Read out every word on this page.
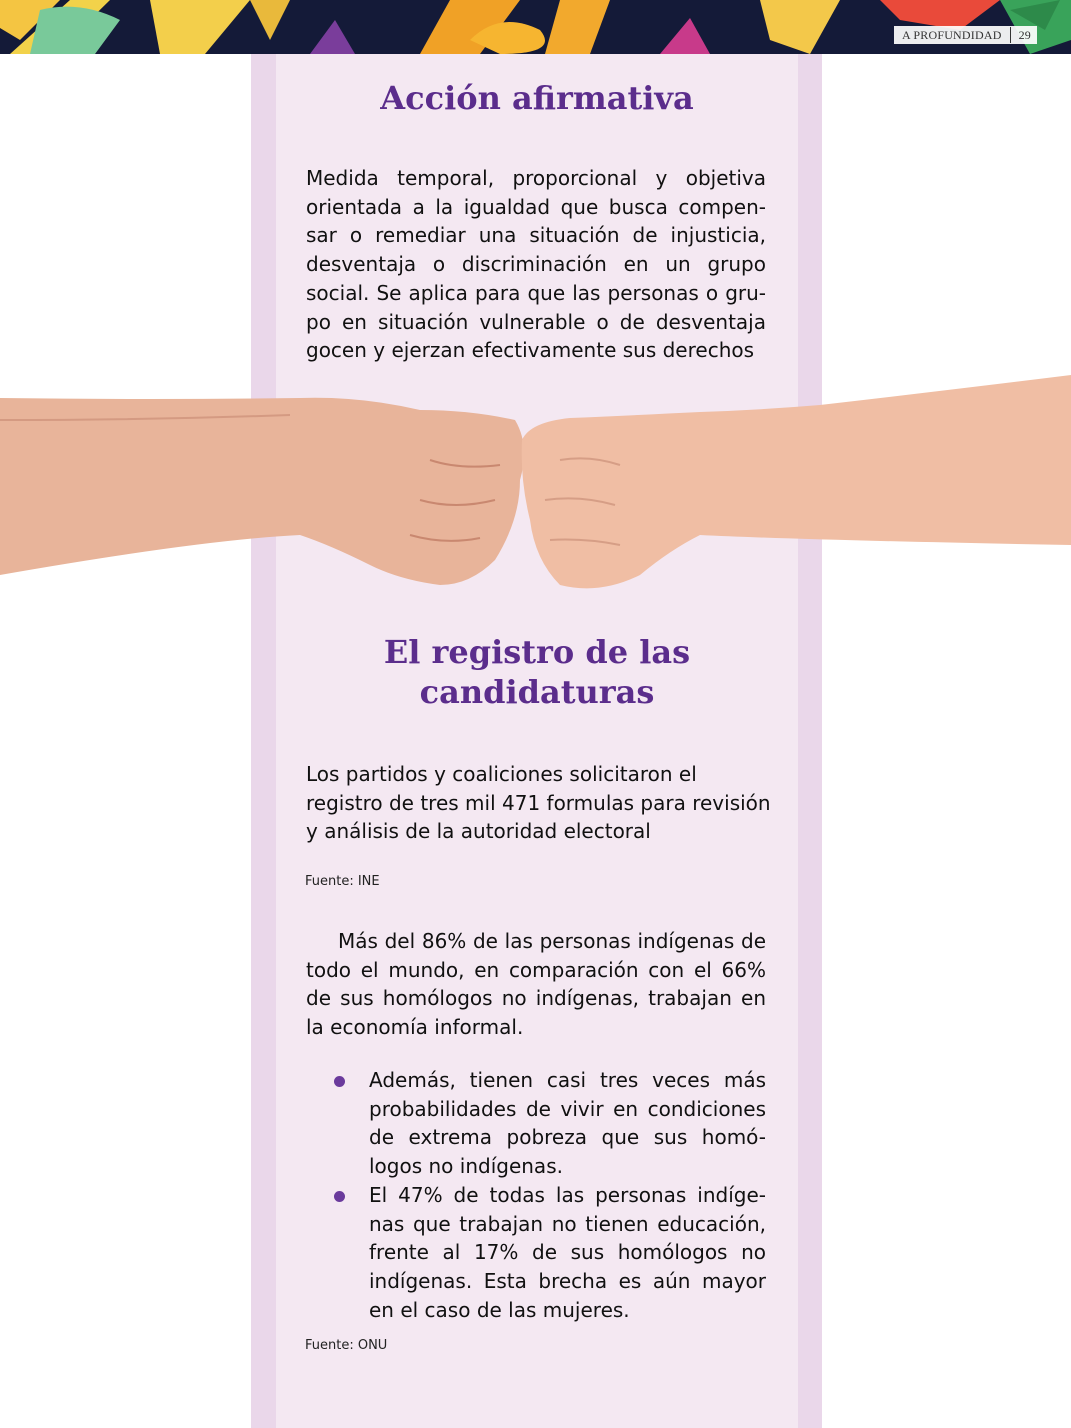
A PROFUNDIDAD 29
Acción afirmativa

Medida temporal, proporcional y objetiva orientada a la igualdad que busca compen-sar o remediar una situación de injusticia, desventaja o discriminación en un grupo social. Se aplica para que las personas o gru-po en situación vulnerable o de desventaja gocen y ejerzan efectivamente sus derechos

El registro de las
candidaturas

Los partidos y coaliciones solicitaron el registro de tres mil 471 formulas para revisión y análisis de la autoridad electoral

Fuente: INE

Más del 86% de las personas indígenas de todo el mundo, en comparación con el 66% de sus homólogos no indígenas, trabajan en la economía informal.

Además, tienen casi tres veces más probabilidades de vivir en condiciones de extrema pobreza que sus homó-logos no indígenas.
El 47% de todas las personas indíge-nas que trabajan no tienen educación, frente al 17% de sus homólogos no indígenas. Esta brecha es aún mayor en el caso de las mujeres.
Fuente: ONU
